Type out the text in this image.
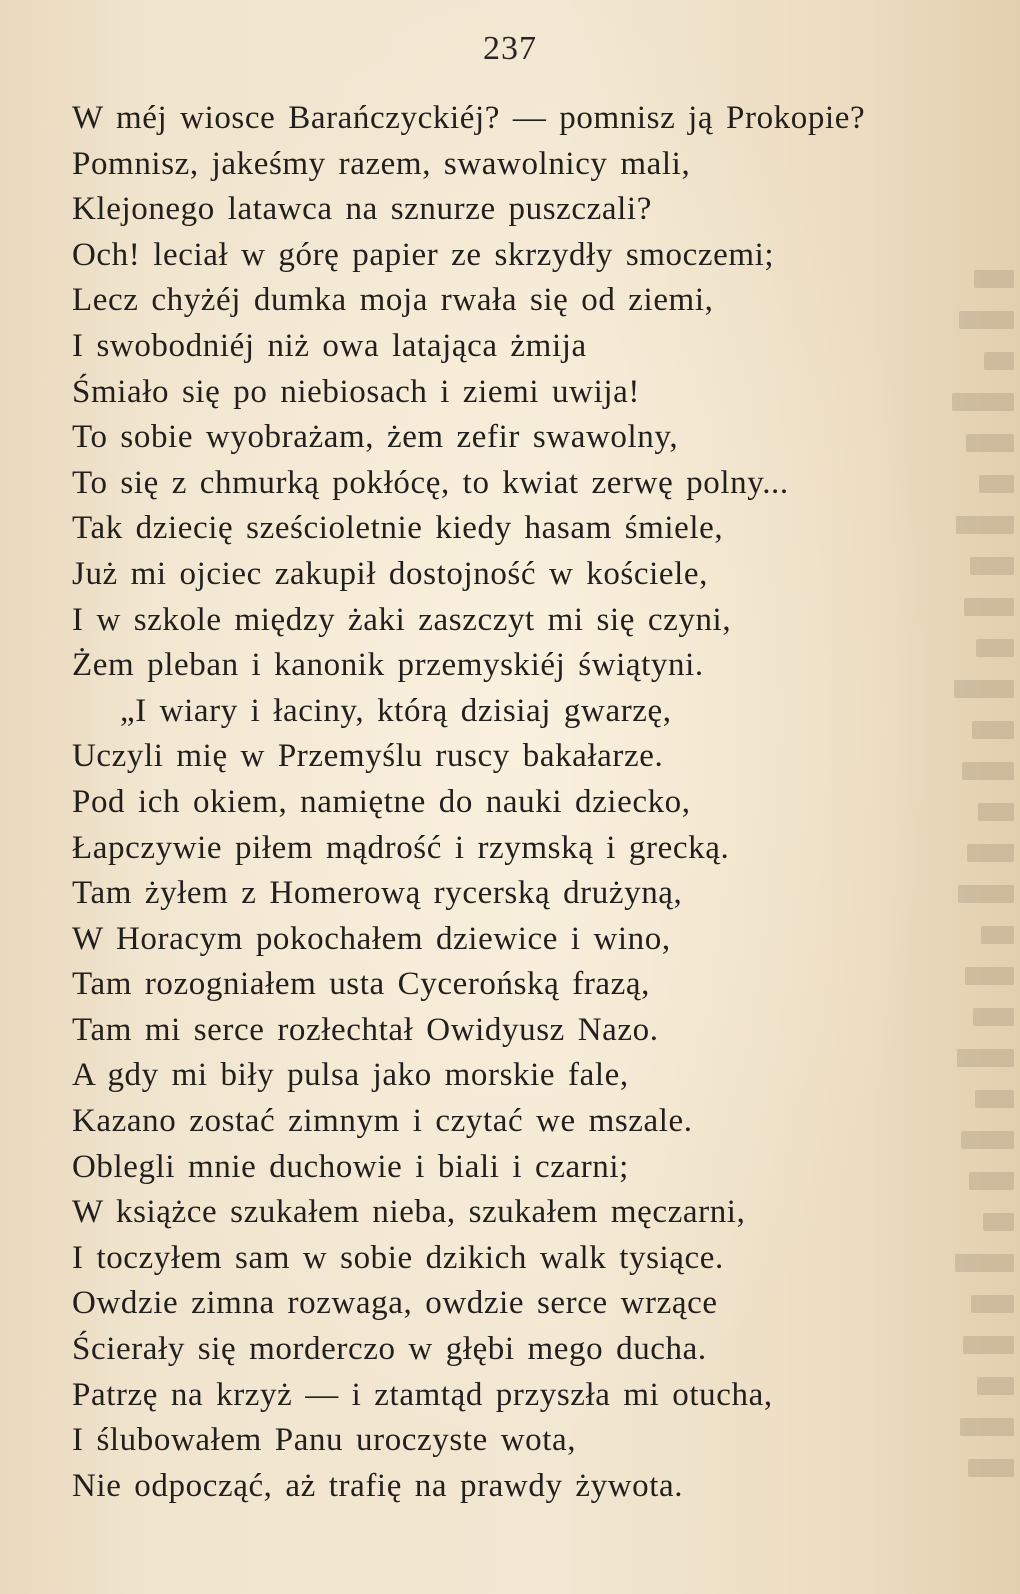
237
W méj wiosce Barańczyckiéj? — pomnisz ją Prokopie?
Pomnisz, jakeśmy razem, swawolnicy mali,
Klejonego latawca na sznurze puszczali?
Och! leciał w górę papier ze skrzydły smoczemi;
Lecz chyżéj dumka moja rwała się od ziemi,
I swobodniéj niż owa latająca żmija
Śmiało się po niebiosach i ziemi uwija!
To sobie wyobrażam, żem zefir swawolny,
To się z chmurką pokłócę, to kwiat zerwę polny...
Tak dziecię sześcioletnie kiedy hasam śmiele,
Już mi ojciec zakupił dostojność w kościele,
I w szkole między żaki zaszczyt mi się czyni,
Żem pleban i kanonik przemyskiéj świątyni.
„I wiary i łaciny, którą dzisiaj gwarzę,
Uczyli mię w Przemyślu ruscy bakałarze.
Pod ich okiem, namiętne do nauki dziecko,
Łapczywie piłem mądrość i rzymską i grecką.
Tam żyłem z Homerową rycerską drużyną,
W Horacym pokochałem dziewice i wino,
Tam rozogniałem usta Cycerońską frazą,
Tam mi serce rozłechtał Owidyusz Nazo.
A gdy mi biły pulsa jako morskie fale,
Kazano zostać zimnym i czytać we mszale.
Oblegli mnie duchowie i biali i czarni;
W książce szukałem nieba, szukałem męczarni,
I toczyłem sam w sobie dzikich walk tysiące.
Owdzie zimna rozwaga, owdzie serce wrzące
Ścierały się morderczo w głębi mego ducha.
Patrzę na krzyż — i ztamtąd przyszła mi otucha,
I ślubowałem Panu uroczyste wota,
Nie odpocząć, aż trafię na prawdy żywota.
